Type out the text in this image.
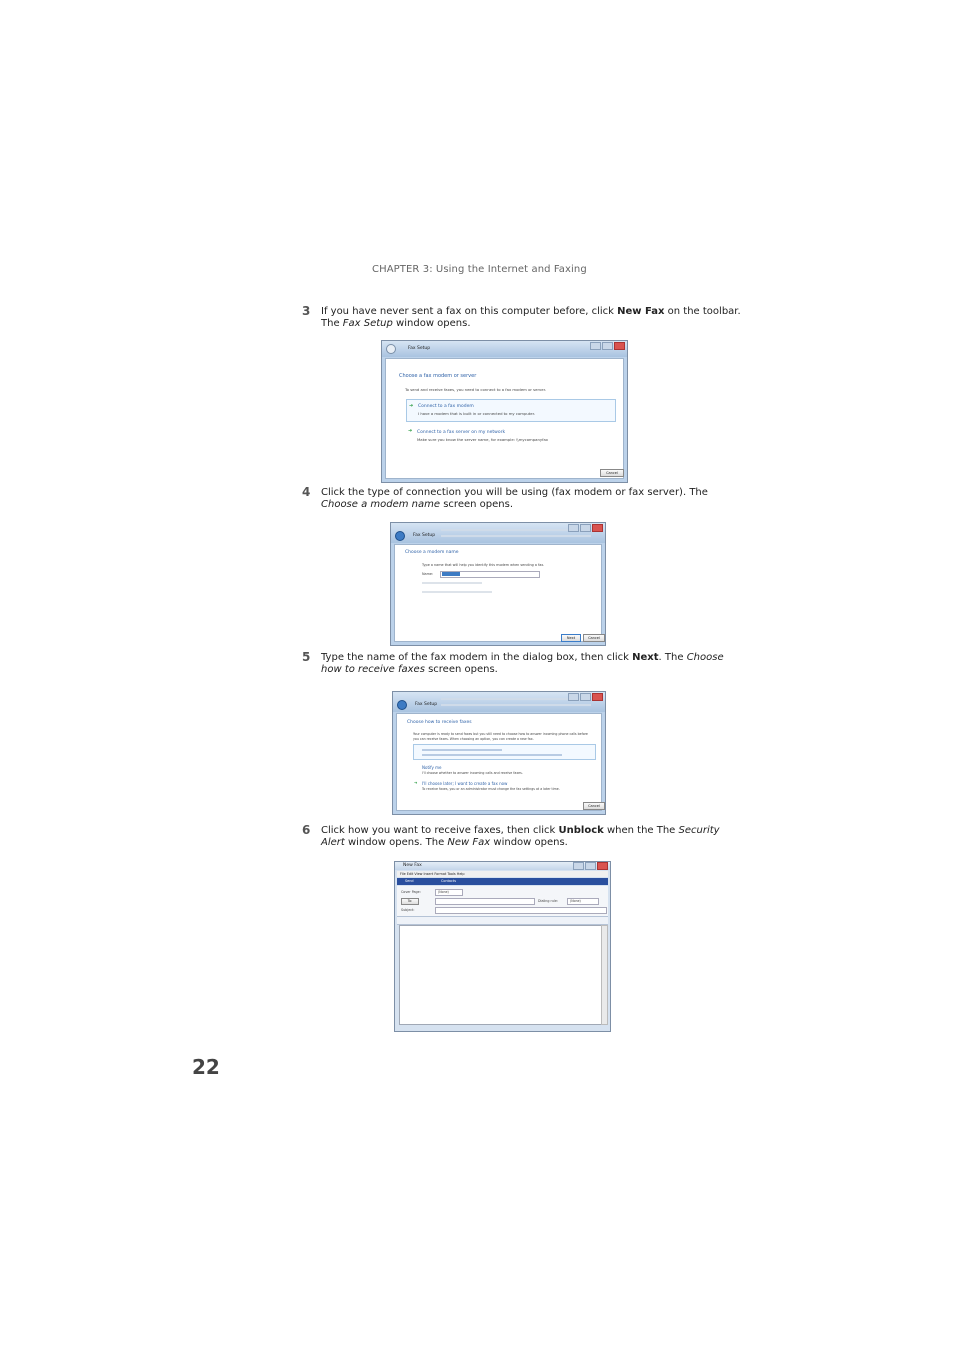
CHAPTER 3: Using the Internet and Faxing
3 If you have never sent a fax on this computer before, click New Fax on the toolbar. The Fax Setup window opens.
Fax Setup
Choose a fax modem or server
To send and receive faxes, you need to connect to a fax modem or server.
➜ Connect to a fax modem
I have a modem that is built in or connected to my computer.
➜ Connect to a fax server on my network
Make sure you know the server name, for example: \\mycompanyfax
Cancel
4 Click the type of connection you will be using (fax modem or fax server). The Choose a modem name screen opens.
Fax Setup
Choose a modem name
Type a name that will help you identify this modem when sending a fax.
Name:
Next	Cancel
5 Type the name of the fax modem in the dialog box, then click Next. The Choose how to receive faxes screen opens.
Fax Setup
Choose how to receive faxes
Your computer is ready to send faxes but you still need to choose how to answer incoming phone calls before
you can receive faxes. When choosing an option, you can create a new fax.
Notify me
I'll choose whether to answer incoming calls and receive faxes.
➜ I'll choose later; I want to create a fax now
To receive faxes, you or an administrator must change the fax settings at a later time.
Cancel
6 Click how you want to receive faxes, then click Unblock when the The Security Alert window opens. The New Fax window opens.
New Fax
File Edit View Insert Format Tools Help
Send	Contacts
Cover Page:	(None)
To:	Dialing rule:	(None)
Subject:
22
